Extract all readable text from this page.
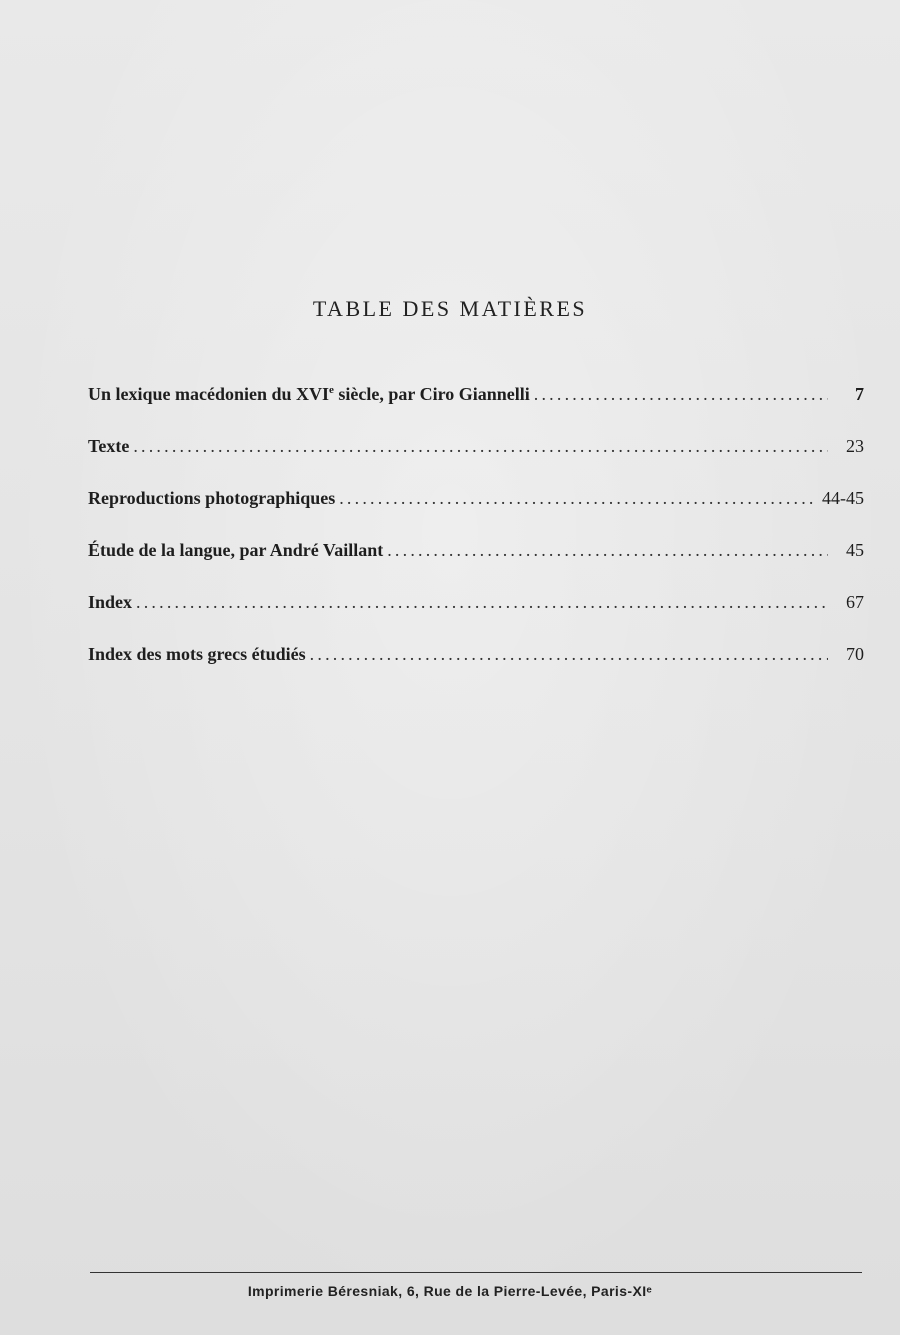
TABLE DES MATIÈRES
Un lexique macédonien du XVIe siècle, par Ciro Giannelli .....	7
Texte .....	23
Reproductions photographiques .....	44-45
Étude de la langue, par André Vaillant .....	45
Index .....	67
Index des mots grecs étudiés .....	70
Imprimerie Béresniak, 6, Rue de la Pierre-Levée, Paris-XIᵉ
